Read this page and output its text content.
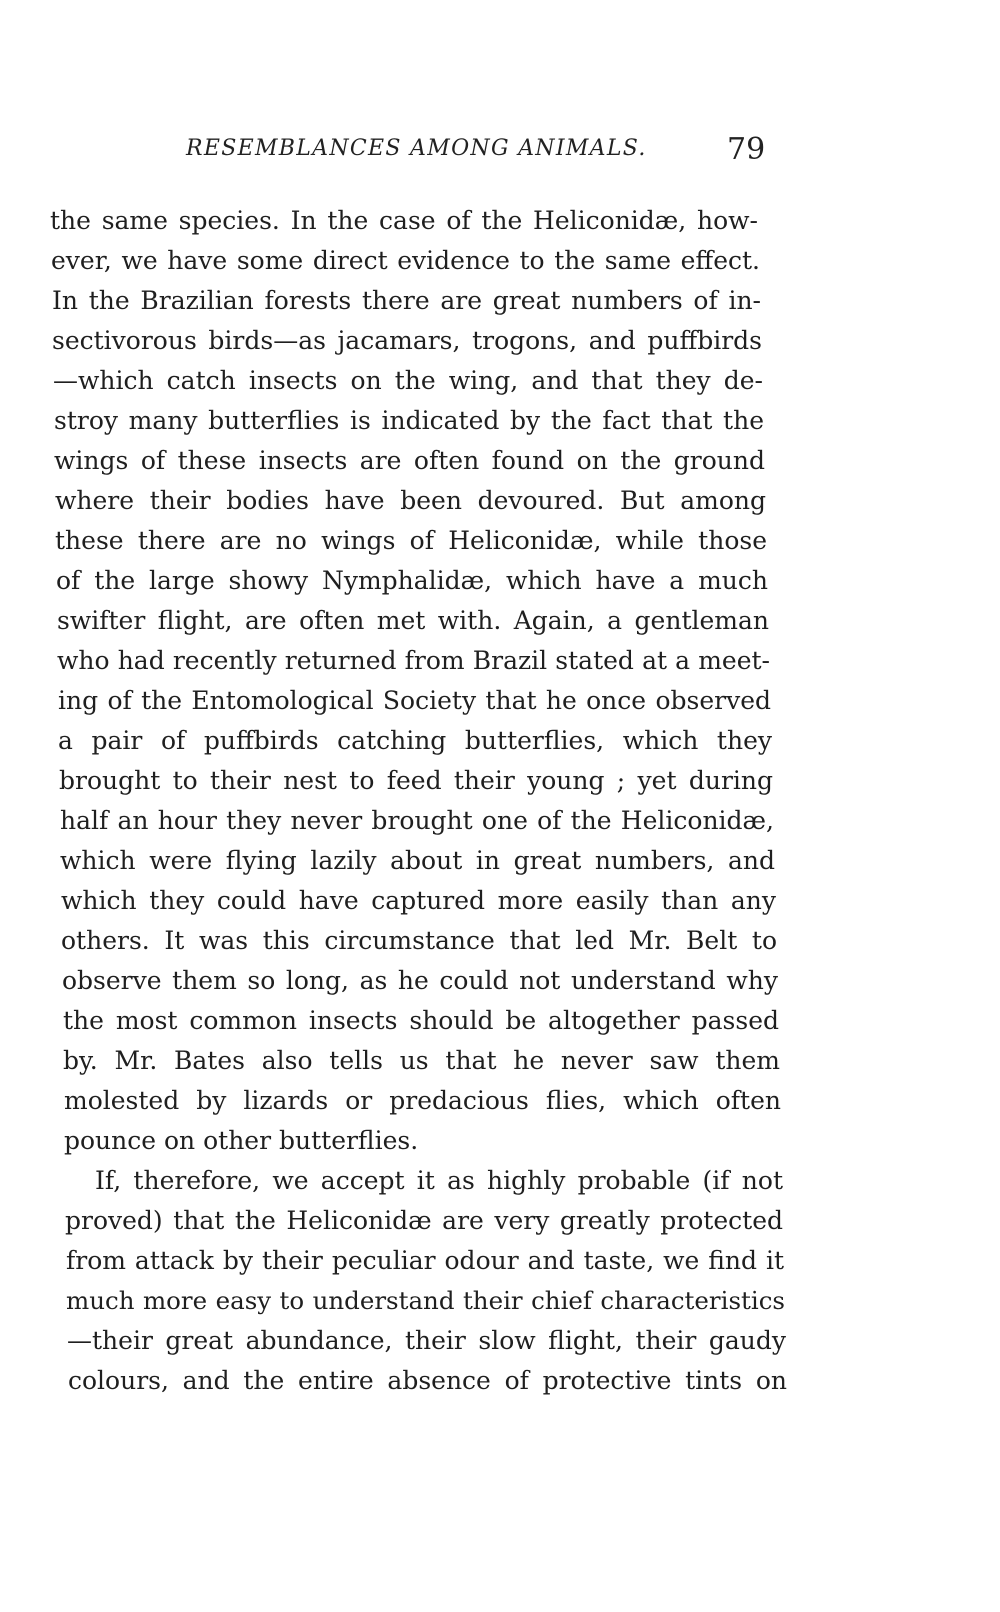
RESEMBLANCES AMONG ANIMALS.	79

the same species. In the case of the Heliconidæ, how-

ever, we have some direct evidence to the same effect.

In the Brazilian forests there are great numbers of in-

sectivorous birds—as jacamars, trogons, and puffbirds

—which catch insects on the wing, and that they de-

stroy many butterflies is indicated by the fact that the

wings of these insects are often found on the ground

where their bodies have been devoured. But among

these there are no wings of Heliconidæ, while those

of the large showy Nymphalidæ, which have a much

swifter flight, are often met with. Again, a gentleman

who had recently returned from Brazil stated at a meet-

ing of the Entomological Society that he once observed

a pair of puffbirds catching butterflies, which they

brought to their nest to feed their young ; yet during

half an hour they never brought one of the Heliconidæ,

which were flying lazily about in great numbers, and

which they could have captured more easily than any

others. It was this circumstance that led Mr. Belt to

observe them so long, as he could not understand why

the most common insects should be altogether passed

by. Mr. Bates also tells us that he never saw them

molested by lizards or predacious flies, which often

pounce on other butterflies.

If, therefore, we accept it as highly probable (if not

proved) that the Heliconidæ are very greatly protected

from attack by their peculiar odour and taste, we find it

much more easy to understand their chief characteristics

—their great abundance, their slow flight, their gaudy

colours, and the entire absence of protective tints on
